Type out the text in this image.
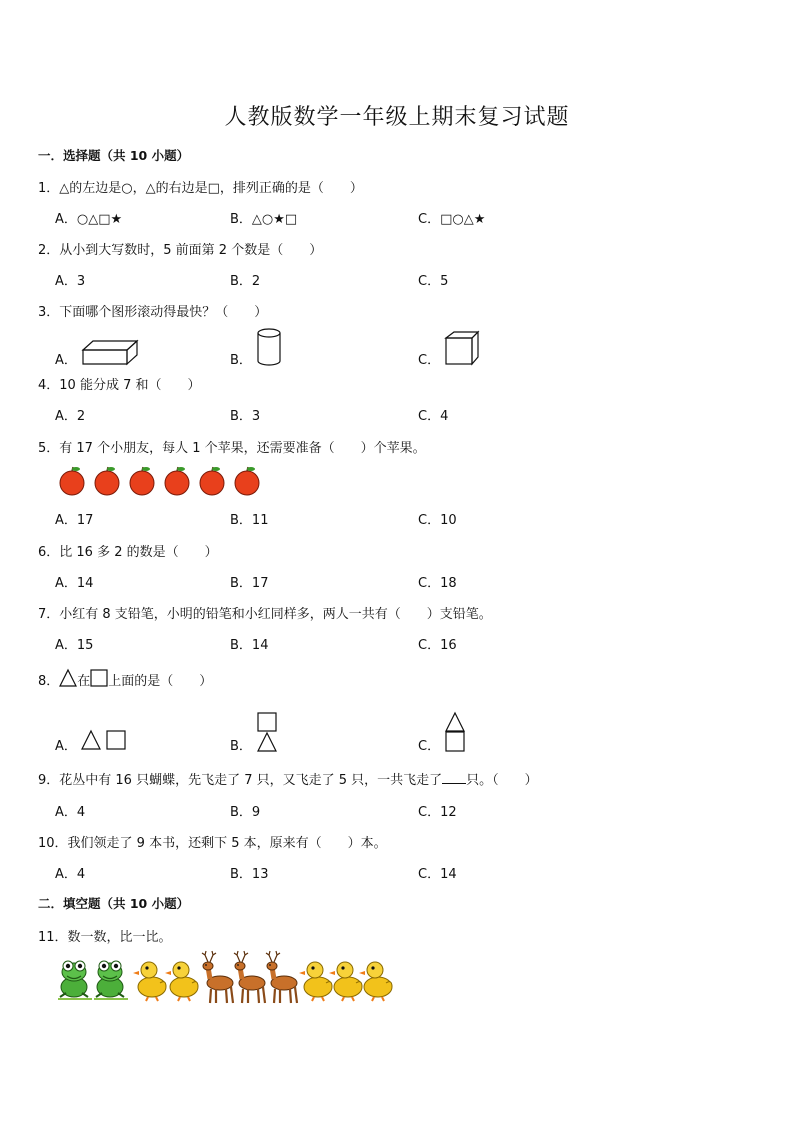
人教版数学一年级上期末复习试题
一．选择题（共 10 小题）
1．△的左边是○，△的右边是□，排列正确的是（　　）
A．○△□★	B．△○★□	C．□○△★
2．从小到大写数时，5 前面第 2 个数是（　　）
A．3	B．2	C．5
3．下面哪个图形滚动得最快？（　　）
A．	B．	C．
4．10 能分成 7 和（　　）
A．2	B．3	C．4
5．有 17 个小朋友，每人 1 个苹果，还需要准备（　　）个苹果。
A．17	B．11	C．10
6．比 16 多 2 的数是（　　）
A．14	B．17	C．18
7．小红有 8 支铅笔，小明的铅笔和小红同样多，两人一共有（　　）支铅笔。
A．15	B．14	C．16
8． 在 上面的是（　　）
A．	B．	C．
9．花丛中有 16 只蝴蝶，先飞走了 7 只，又飞走了 5 只，一共飞走了 只。（　　）
A．4	B．9	C．12
10．我们领走了 9 本书，还剩下 5 本，原来有（　　）本。
A．4	B．13	C．14
二．填空题（共 10 小题）
11．数一数，比一比。
